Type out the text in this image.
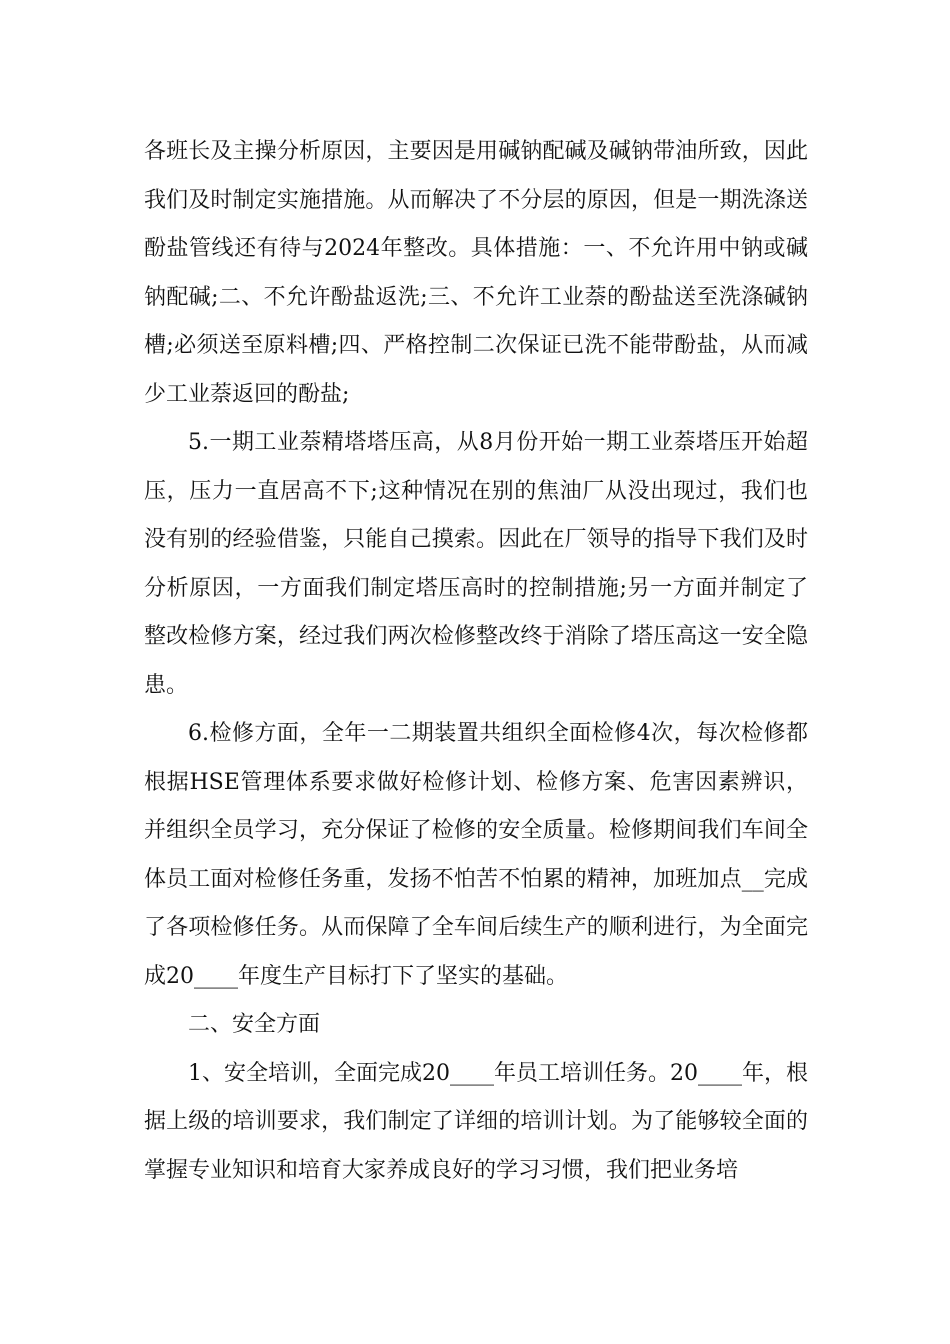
各班长及主操分析原因，主要因是用碱钠配碱及碱钠带油所致，因此我们及时制定实施措施。从而解决了不分层的原因，但是一期洗涤送酚盐管线还有待与2024年整改。具体措施：一、不允许用中钠或碱钠配碱;二、不允许酚盐返洗;三、不允许工业萘的酚盐送至洗涤碱钠槽;必须送至原料槽;四、严格控制二次保证已洗不能带酚盐，从而减少工业萘返回的酚盐;

5.一期工业萘精塔塔压高，从8月份开始一期工业萘塔压开始超压，压力一直居高不下;这种情况在别的焦油厂从没出现过，我们也没有别的经验借鉴，只能自己摸索。因此在厂领导的指导下我们及时分析原因，一方面我们制定塔压高时的控制措施;另一方面并制定了整改检修方案，经过我们两次检修整改终于消除了塔压高这一安全隐患。

6.检修方面，全年一二期装置共组织全面检修4次，每次检修都根据HSE管理体系要求做好检修计划、检修方案、危害因素辨识，并组织全员学习，充分保证了检修的安全质量。检修期间我们车间全体员工面对检修任务重，发扬不怕苦不怕累的精神，加班加点__完成了各项检修任务。从而保障了全车间后续生产的顺利进行，为全面完成20____年度生产目标打下了坚实的基础。

二、安全方面

1、安全培训，全面完成20____年员工培训任务。20____年，根据上级的培训要求，我们制定了详细的培训计划。为了能够较全面的掌握专业知识和培育大家养成良好的学习习惯，我们把业务培
